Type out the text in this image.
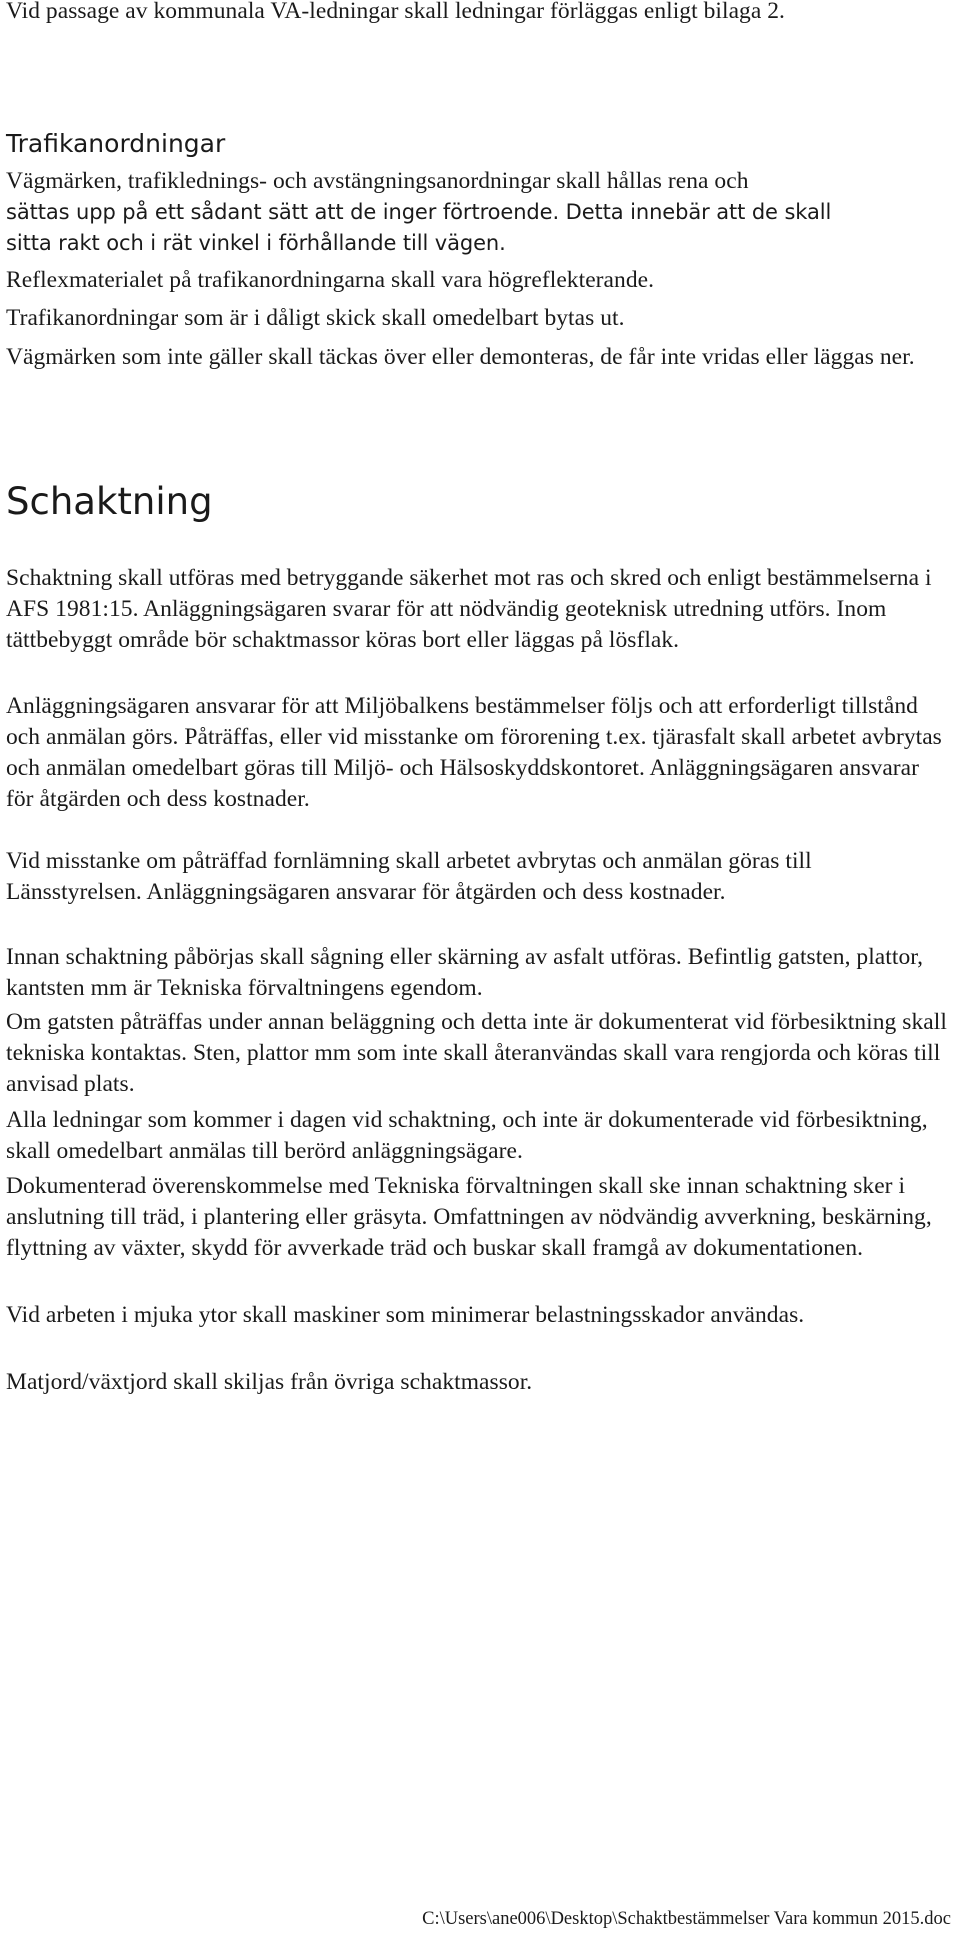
Vid passage av kommunala VA-ledningar skall ledningar förläggas enligt bilaga 2.

Trafikanordningar

Vägmärken, trafiklednings- och avstängningsanordningar skall hållas rena och
sättas upp på ett sådant sätt att de inger förtroende. Detta innebär att de skall
sitta rakt och i rät vinkel i förhållande till vägen.

Reflexmaterialet på trafikanordningarna skall vara högreflekterande.

Trafikanordningar som är i dåligt skick skall omedelbart bytas ut.

Vägmärken som inte gäller skall täckas över eller demonteras, de får inte vridas eller läggas ner.

Schaktning

Schaktning skall utföras med betryggande säkerhet mot ras och skred och enligt bestämmelserna i AFS 1981:15. Anläggningsägaren svarar för att nödvändig geoteknisk utredning utförs. Inom tättbebyggt område bör schaktmassor köras bort eller läggas på lösflak.

Anläggningsägaren ansvarar för att Miljöbalkens bestämmelser följs och att erforderligt tillstånd och anmälan görs. Påträffas, eller vid misstanke om förorening t.ex. tjärasfalt skall arbetet avbrytas och anmälan omedelbart göras till Miljö- och Hälsoskyddskontoret. Anläggningsägaren ansvarar för åtgärden och dess kostnader.

Vid misstanke om påträffad fornlämning skall arbetet avbrytas och anmälan göras till Länsstyrelsen. Anläggningsägaren ansvarar för åtgärden och dess kostnader.

Innan schaktning påbörjas skall sågning eller skärning av asfalt utföras. Befintlig gatsten, plattor, kantsten mm är Tekniska förvaltningens egendom.

Om gatsten påträffas under annan beläggning och detta inte är dokumenterat vid förbesiktning skall tekniska kontaktas. Sten, plattor mm som inte skall återanvändas skall vara rengjorda och köras till anvisad plats.

Alla ledningar som kommer i dagen vid schaktning, och inte är dokumenterade vid förbesiktning, skall omedelbart anmälas till berörd anläggningsägare.

Dokumenterad överenskommelse med Tekniska förvaltningen skall ske innan schaktning sker i anslutning till träd, i plantering eller gräsyta. Omfattningen av nödvändig avverkning, beskärning, flyttning av växter, skydd för avverkade träd och buskar skall framgå av dokumentationen.

Vid arbeten i mjuka ytor skall maskiner som minimerar belastningsskador användas.

Matjord/växtjord skall skiljas från övriga schaktmassor.

C:\Users\ane006\Desktop\Schaktbestämmelser Vara kommun 2015.doc
